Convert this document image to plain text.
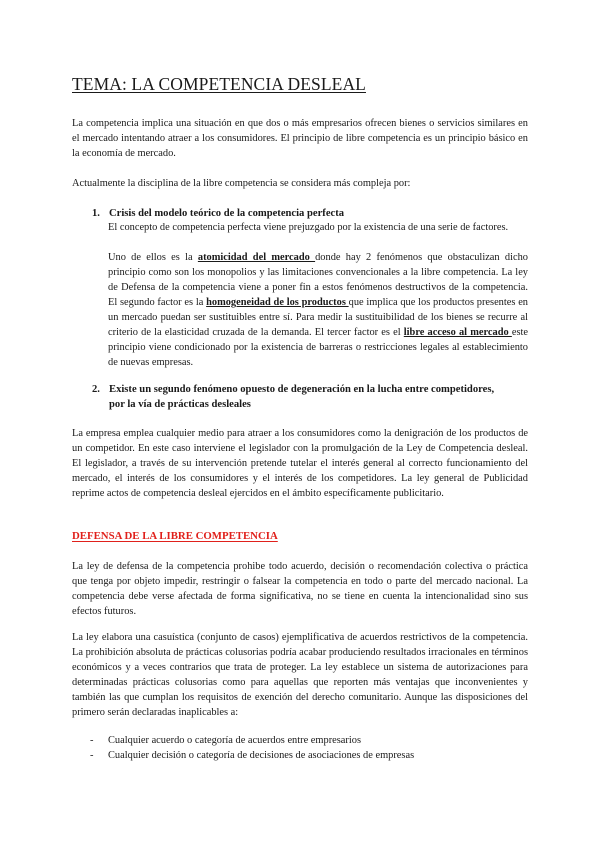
TEMA: LA COMPETENCIA DESLEAL

La competencia implica una situación en que dos o más empresarios ofrecen bienes o servicios similares en el mercado intentando atraer a los consumidores. El principio de libre competencia es un principio básico en la economía de mercado.

Actualmente la disciplina de la libre competencia se considera más compleja por:

1. Crisis del modelo teórico de la competencia perfecta

El concepto de competencia perfecta viene prejuzgado por la existencia de una serie de factores.

Uno de ellos es la atomicidad del mercado donde hay 2 fenómenos que obstaculizan dicho principio como son los monopolios y las limitaciones convencionales a la libre competencia. La ley de Defensa de la competencia viene a poner fin a estos fenómenos destructivos de la competencia. El segundo factor es la homogeneidad de los productos que implica que los productos presentes en un mercado puedan ser sustituibles entre sí. Para medir la sustituibilidad de los bienes se recurre al criterio de la elasticidad cruzada de la demanda. El tercer factor es el libre acceso al mercado este principio viene condicionado por la existencia de barreras o restricciones legales al establecimiento de nuevas empresas.

2. Existe un segundo fenómeno opuesto de degeneración en la lucha entre competidores,
por la vía de prácticas desleales

La empresa emplea cualquier medio para atraer a los consumidores como la denigración de los productos de un competidor. En este caso interviene el legislador con la promulgación de la Ley de Competencia desleal. El legislador, a través de su intervención pretende tutelar el interés general al correcto funcionamiento del mercado, el interés de los consumidores y el interés de los competidores. La ley general de Publicidad reprime actos de competencia desleal ejercidos en el ámbito específicamente publicitario.

DEFENSA DE LA LIBRE COMPETENCIA

La ley de defensa de la competencia prohibe todo acuerdo, decisión o recomendación colectiva o práctica que tenga por objeto impedir, restringir o falsear la competencia en todo o parte del mercado nacional. La competencia debe verse afectada de forma significativa, no se tiene en cuenta la intencionalidad sino sus efectos futuros.

La ley elabora una casuística (conjunto de casos) ejemplificativa de acuerdos restrictivos de la competencia. La prohibición absoluta de prácticas colusorias podría acabar produciendo resultados irracionales en términos económicos y a veces contrarios que trata de proteger. La ley establece un sistema de autorizaciones para determinadas prácticas colusorias como para aquellas que reporten más ventajas que inconvenientes y también las que cumplan los requisitos de exención del derecho comunitario. Aunque las disposiciones del primero serán declaradas inaplicables a:

- Cualquier acuerdo o categoría de acuerdos entre empresarios
- Cualquier decisión o categoría de decisiones de asociaciones de empresas
